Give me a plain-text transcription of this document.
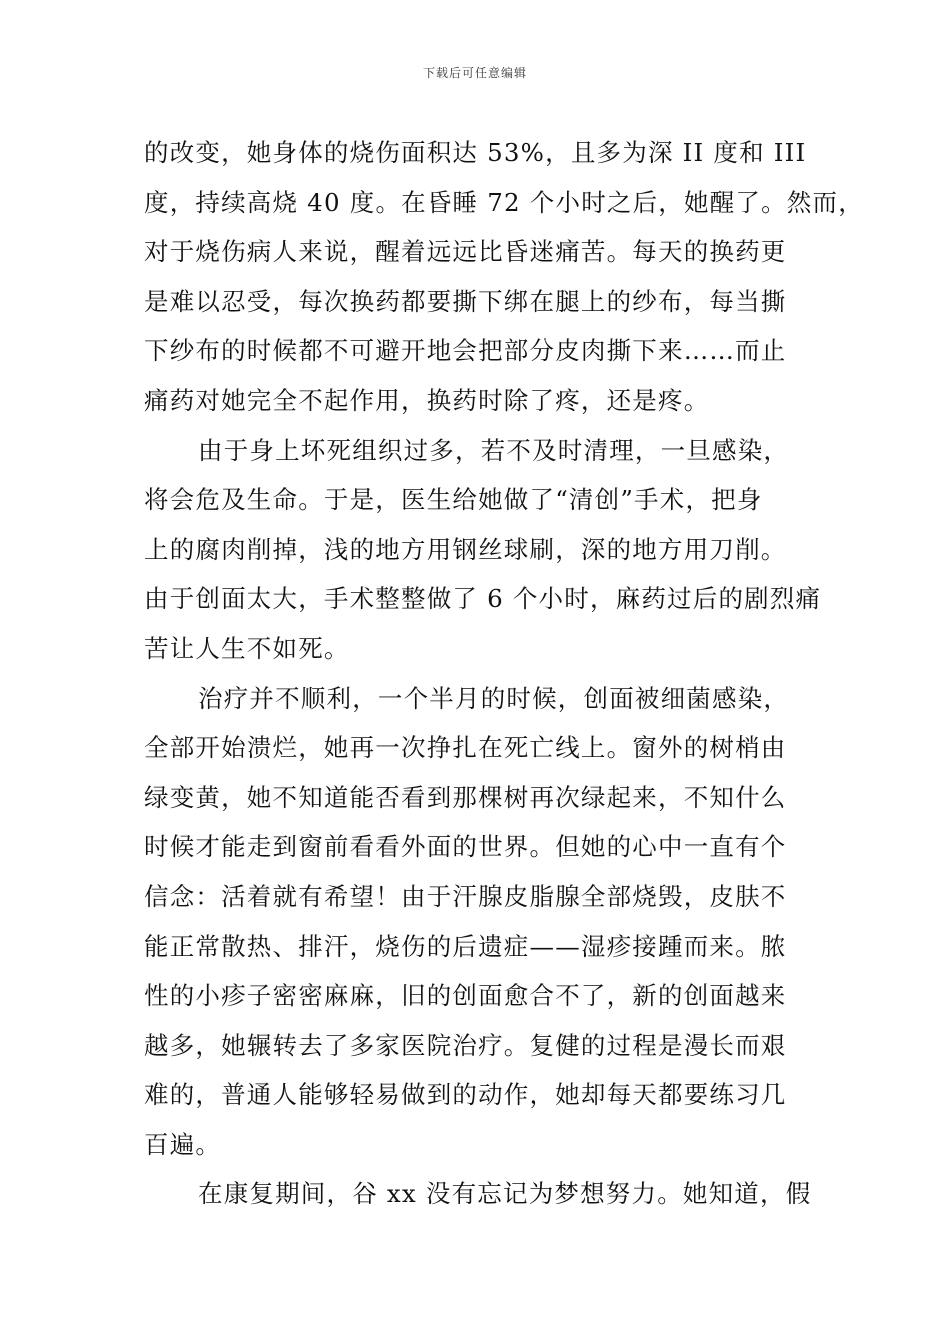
下载后可任意编辑
的改变，她身体的烧伤面积达 53%，且多为深 II 度和 III
度，持续高烧 40 度。在昏睡 72 个小时之后，她醒了。然而，
对于烧伤病人来说，醒着远远比昏迷痛苦。每天的换药更
是难以忍受，每次换药都要撕下绑在腿上的纱布，每当撕
下纱布的时候都不可避开地会把部分皮肉撕下来……而止
痛药对她完全不起作用，换药时除了疼，还是疼。
由于身上坏死组织过多，若不及时清理，一旦感染，
将会危及生命。于是，医生给她做了“清创”手术，把身
上的腐肉削掉，浅的地方用钢丝球刷，深的地方用刀削。
由于创面太大，手术整整做了 6 个小时，麻药过后的剧烈痛
苦让人生不如死。
治疗并不顺利，一个半月的时候，创面被细菌感染，
全部开始溃烂，她再一次挣扎在死亡线上。窗外的树梢由
绿变黄，她不知道能否看到那棵树再次绿起来，不知什么
时候才能走到窗前看看外面的世界。但她的心中一直有个
信念：活着就有希望！由于汗腺皮脂腺全部烧毁，皮肤不
能正常散热、排汗，烧伤的后遗症——湿疹接踵而来。脓
性的小疹子密密麻麻，旧的创面愈合不了，新的创面越来
越多，她辗转去了多家医院治疗。复健的过程是漫长而艰
难的，普通人能够轻易做到的动作，她却每天都要练习几
百遍。
在康复期间，谷 xx 没有忘记为梦想努力。她知道，假
